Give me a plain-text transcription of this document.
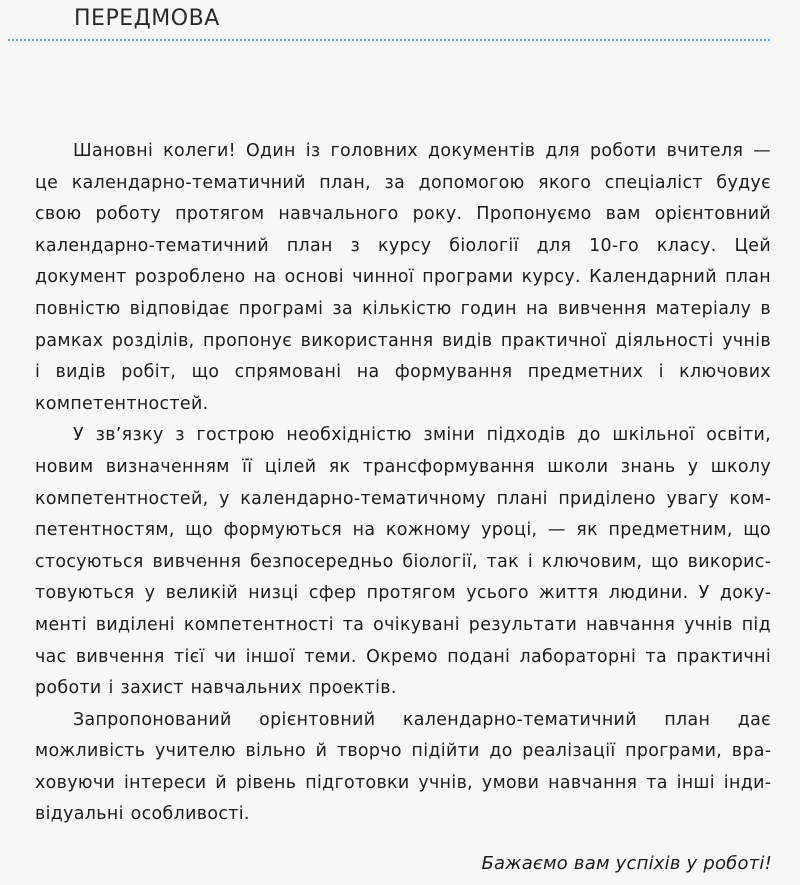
ПЕРЕДМОВА

Шановні колеги! Один із головних документів для роботи вчителя — це календарно-тематичний план, за допомогою якого спеціаліст будує свою роботу протягом навчального року. Пропонуємо вам орієнтовний календарно-тематичний план з курсу біології для 10-го класу. Цей документ розроблено на основі чинної програми курсу. Календарний план повністю відповідає програмі за кількістю годин на вивчення матеріалу в рамках розділів, пропонує використання видів практичної діяльності учнів і видів робіт, що спрямовані на формування предметних і ключових компетентностей.

У зв’язку з гострою необхідністю зміни підходів до шкільної освіти, новим визначенням її цілей як трансформування школи знань у школу компетентностей, у календарно-тематичному плані приділено увагу компетентностям, що формуються на кожному уроці, — як предметним, що стосуються вивчення безпосередньо біології, так і ключовим, що використовуються у великій низці сфер протягом усього життя людини. У документі виділені компетентності та очікувані результати навчання учнів під час вивчення тієї чи іншої теми. Окремо подані лабораторні та практичні роботи і захист навчальних проектів.

Запропонований орієнтовний календарно-тематичний план дає можливість учителю вільно й творчо підійти до реалізації програми, враховуючи інтереси й рівень підготовки учнів, умови навчання та інші індивідуальні особливості.

Бажаємо вам успіхів у роботі!
